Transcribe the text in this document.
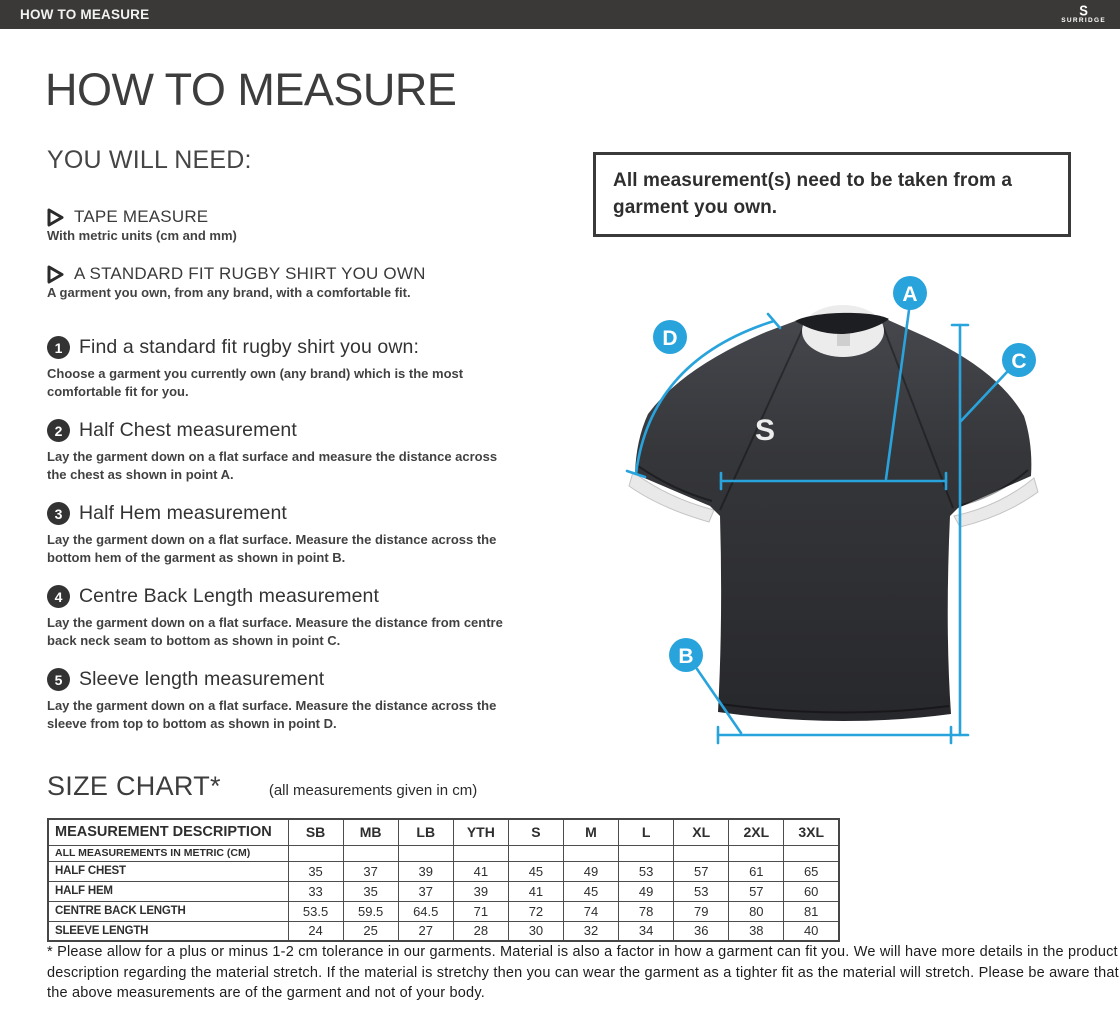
HOW TO MEASURE	S
SURRIDGE
HOW TO MEASURE
YOU WILL NEED:
TAPE MEASURE
With metric units (cm and mm)
A STANDARD FIT RUGBY SHIRT YOU OWN
A garment you own, from any brand, with a comfortable fit.
1 Find a standard fit rugby shirt you own:
Choose a garment you currently own (any brand) which is the most comfortable fit for you.
2 Half Chest measurement
Lay the garment down on a flat surface and measure the distance across the chest as shown in point A.
3 Half Hem measurement
Lay the garment down on a flat surface. Measure the distance across the bottom hem of the garment as shown in point B.
4 Centre Back Length measurement
Lay the garment down on a flat surface. Measure the distance from centre back neck seam to bottom as shown in point C.
5 Sleeve length measurement
Lay the garment down on a flat surface. Measure the distance across the sleeve from top to bottom as shown in point D.
All measurement(s) need to be taken from a garment you own.
S
A
B
C
D
SIZE CHART*	(all measurements given in cm)
MEASUREMENT DESCRIPTION	SB	MB	LB	YTH	S	M	L	XL	2XL	3XL
ALL MEASUREMENTS IN METRIC (CM)										
HALF CHEST	35	37	39	41	45	49	53	57	61	65
HALF HEM	33	35	37	39	41	45	49	53	57	60
CENTRE BACK LENGTH	53.5	59.5	64.5	71	72	74	78	79	80	81
SLEEVE LENGTH	24	25	27	28	30	32	34	36	38	40

* Please allow for a plus or minus 1-2 cm tolerance in our garments. Material is also a factor in how a garment can fit you. We will have more details in the product description regarding the material stretch. If the material is stretchy then you can wear the garment as a tighter fit as the material will stretch. Please be aware that the above measurements are of the garment and not of your body.
